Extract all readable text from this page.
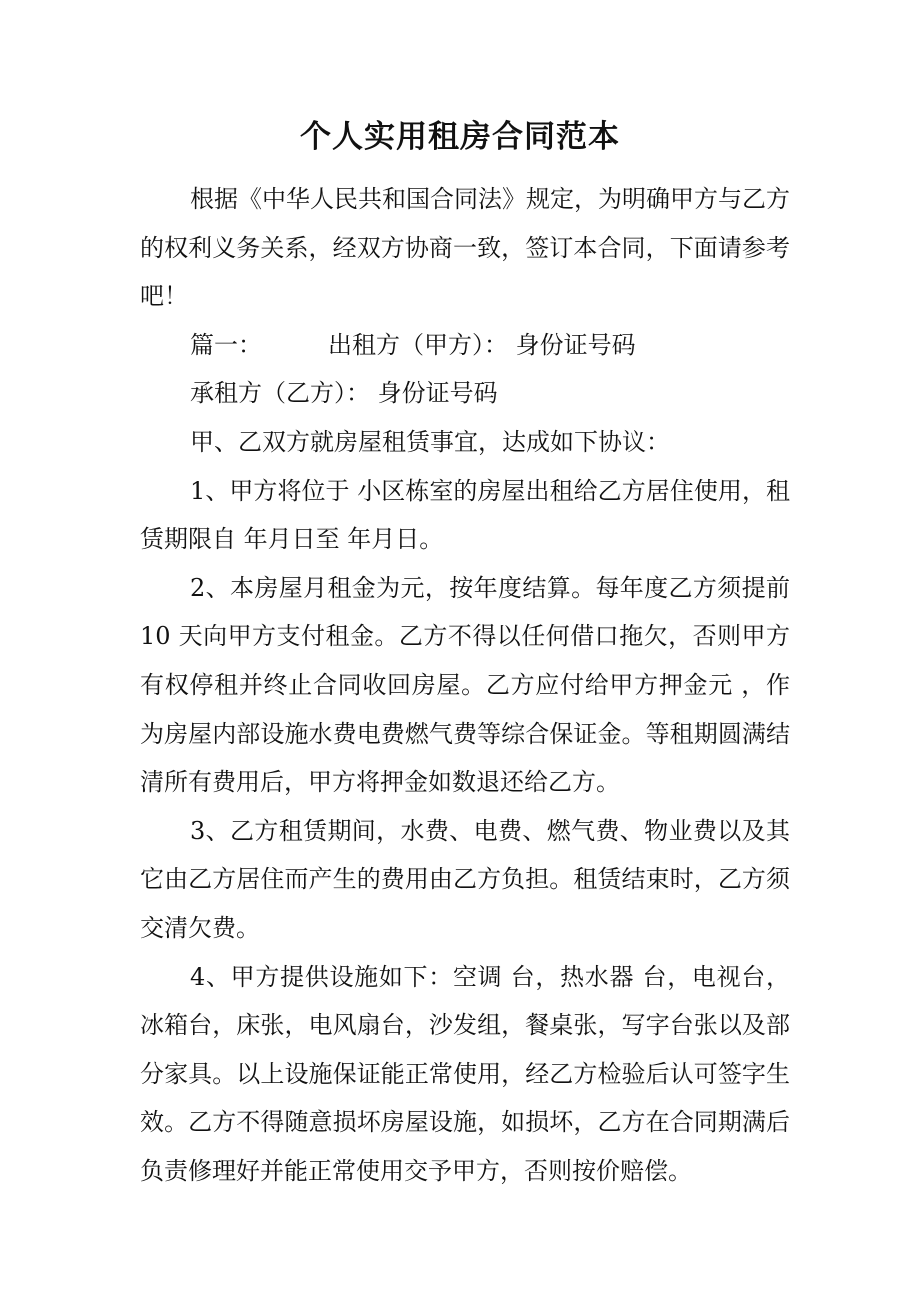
个人实用租房合同范本

根据《中华人民共和国合同法》规定，为明确甲方与乙方的权利义务关系，经双方协商一致，签订本合同，下面请参考吧！

篇一：	出租方（甲方）： 身份证号码

承租方（乙方）： 身份证号码

甲、乙双方就房屋租赁事宜，达成如下协议：

1、甲方将位于 小区栋室的房屋出租给乙方居住使用，租赁期限自 年月日至 年月日。

2、本房屋月租金为元，按年度结算。每年度乙方须提前 10 天向甲方支付租金。乙方不得以任何借口拖欠，否则甲方有权停租并终止合同收回房屋。乙方应付给甲方押金元 ，作为房屋内部设施水费电费燃气费等综合保证金。等租期圆满结清所有费用后，甲方将押金如数退还给乙方。

3、乙方租赁期间，水费、电费、燃气费、物业费以及其它由乙方居住而产生的费用由乙方负担。租赁结束时，乙方须交清欠费。

4、甲方提供设施如下：空调 台，热水器 台，电视台，冰箱台，床张，电风扇台，沙发组，餐桌张，写字台张以及部分家具。以上设施保证能正常使用，经乙方检验后认可签字生效。乙方不得随意损坏房屋设施，如损坏，乙方在合同期满后负责修理好并能正常使用交予甲方，否则按价赔偿。
